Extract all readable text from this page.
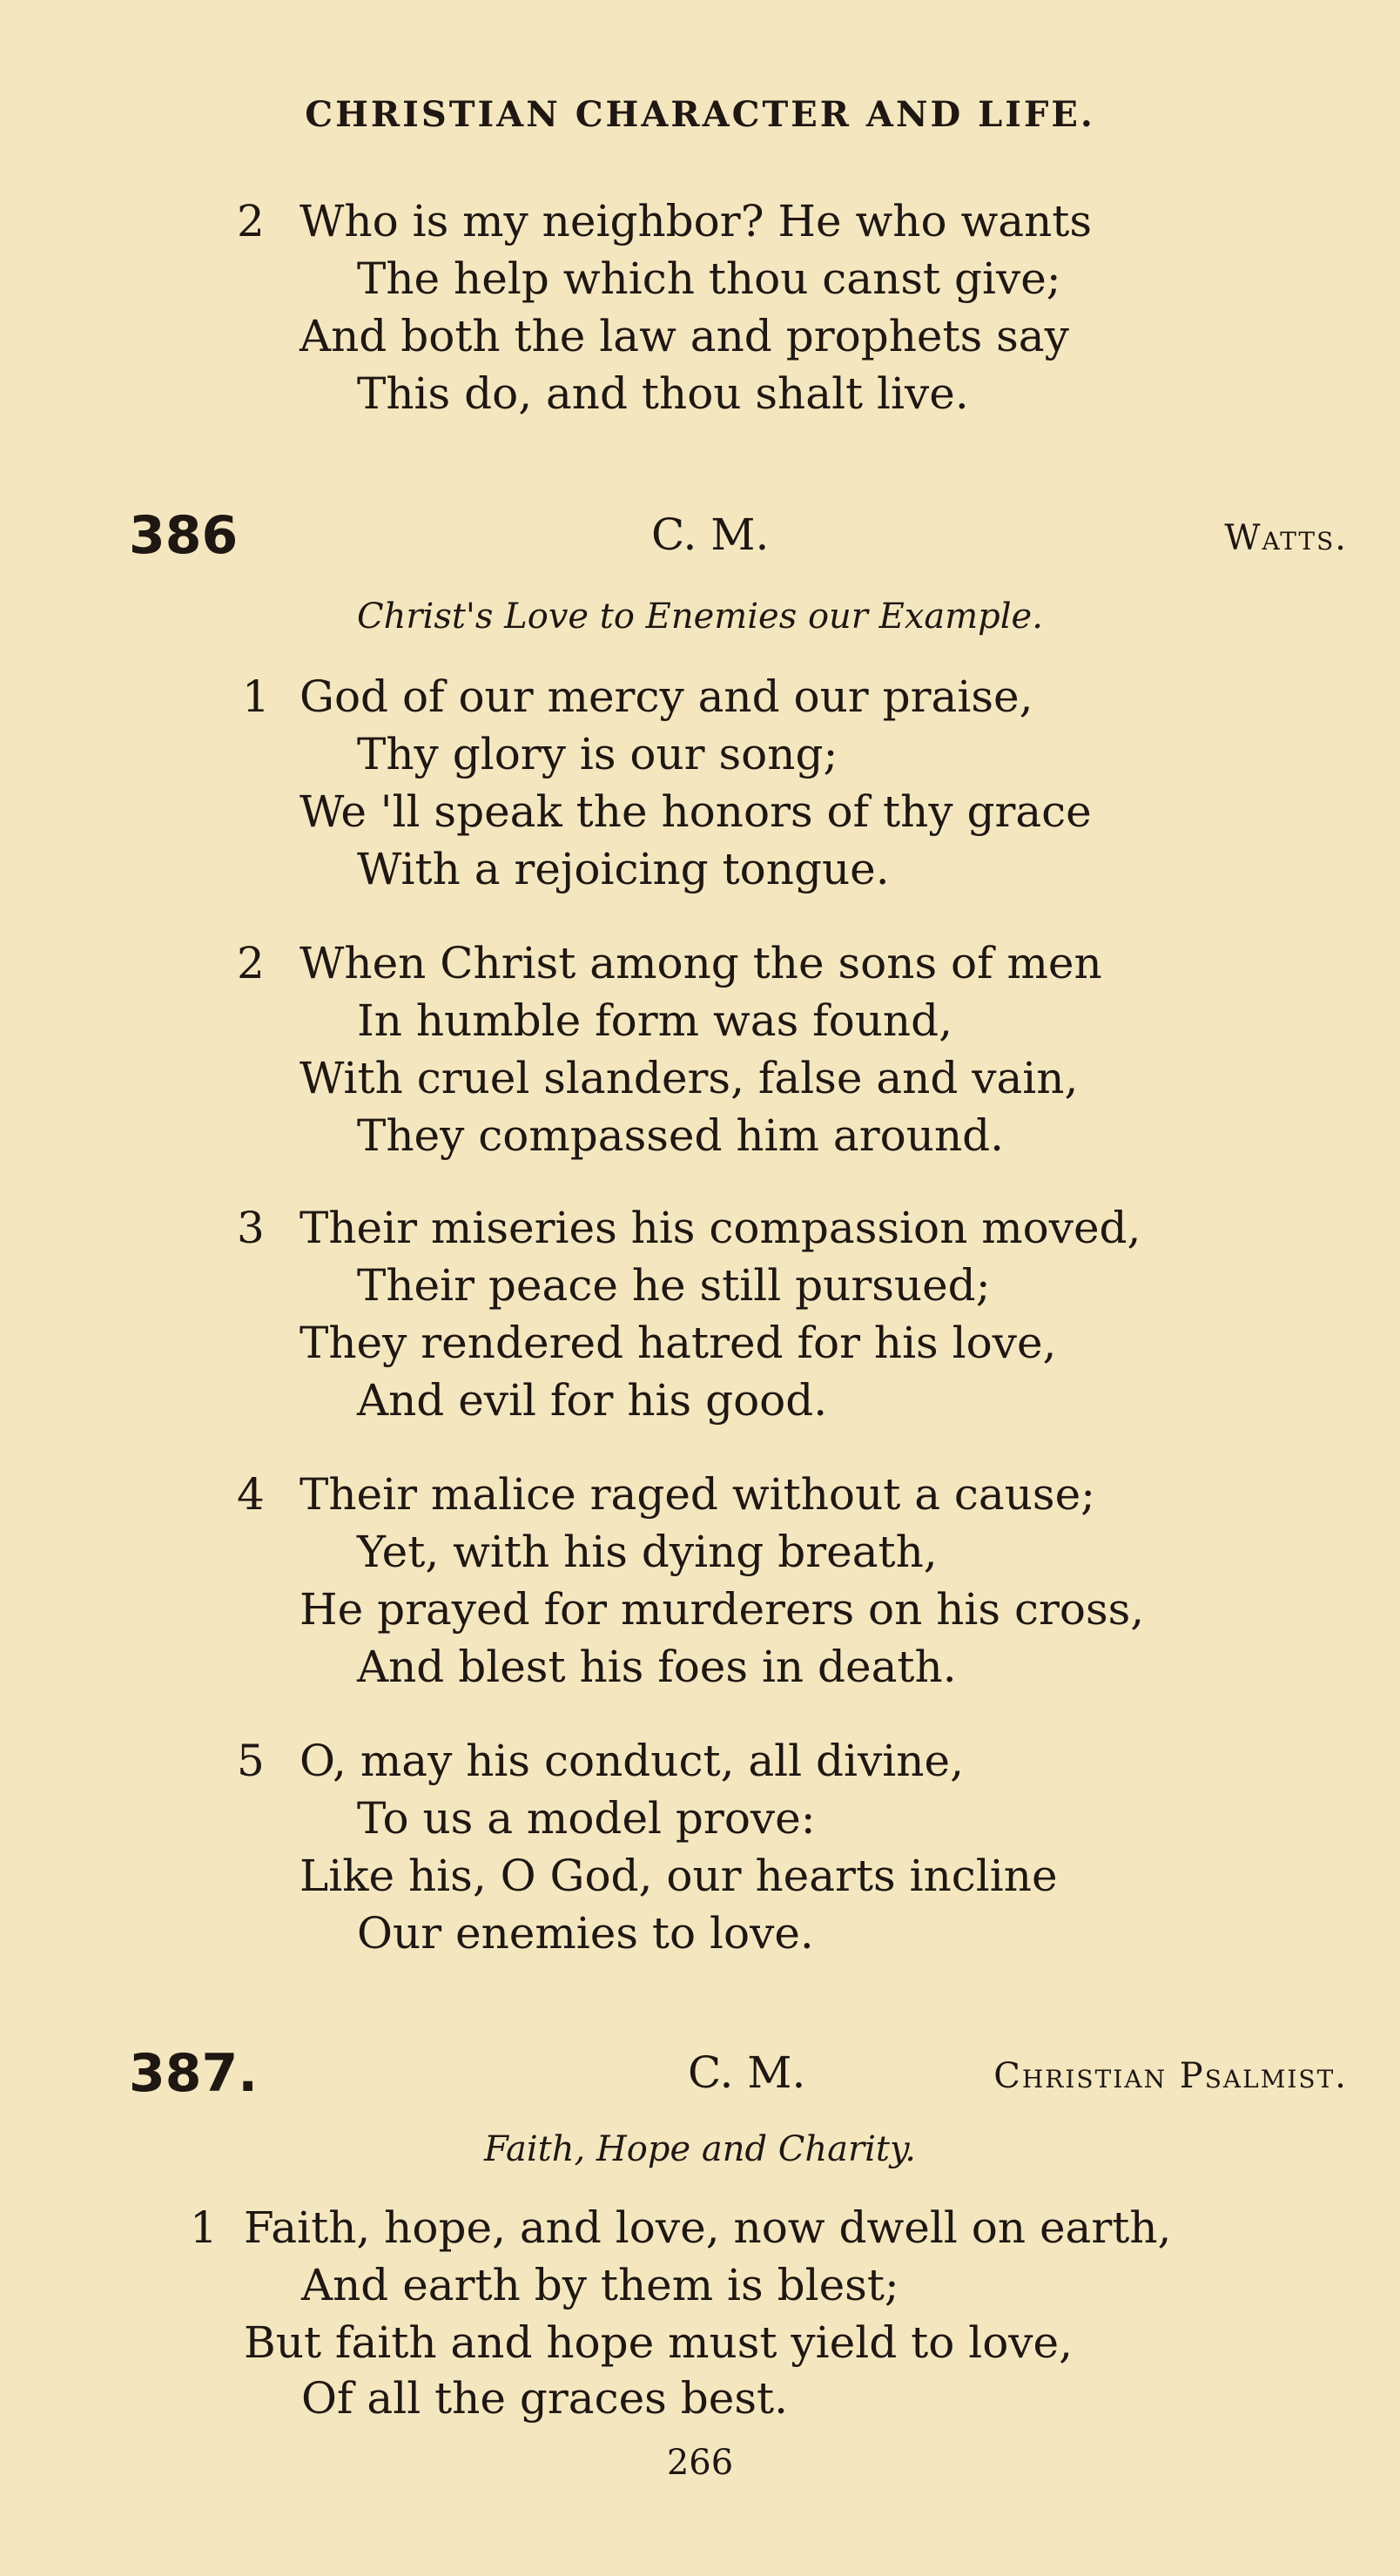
CHRISTIAN CHARACTER AND LIFE.
2 Who is my neighbor? He who wants
The help which thou canst give;
And both the law and prophets say
This do, and thou shalt live.
386	C. M.	Watts.
Christ's Love to Enemies our Example.
1 God of our mercy and our praise,
Thy glory is our song;
We 'll speak the honors of thy grace
With a rejoicing tongue.
2 When Christ among the sons of men
In humble form was found,
With cruel slanders, false and vain,
They compassed him around.
3 Their miseries his compassion moved,
Their peace he still pursued;
They rendered hatred for his love,
And evil for his good.
4 Their malice raged without a cause;
Yet, with his dying breath,
He prayed for murderers on his cross,
And blest his foes in death.
5 O, may his conduct, all divine,
To us a model prove:
Like his, O God, our hearts incline
Our enemies to love.
387.	C. M.	Christian Psalmist.
Faith, Hope and Charity.
1 Faith, hope, and love, now dwell on earth,
And earth by them is blest;
But faith and hope must yield to love,
Of all the graces best.
266
